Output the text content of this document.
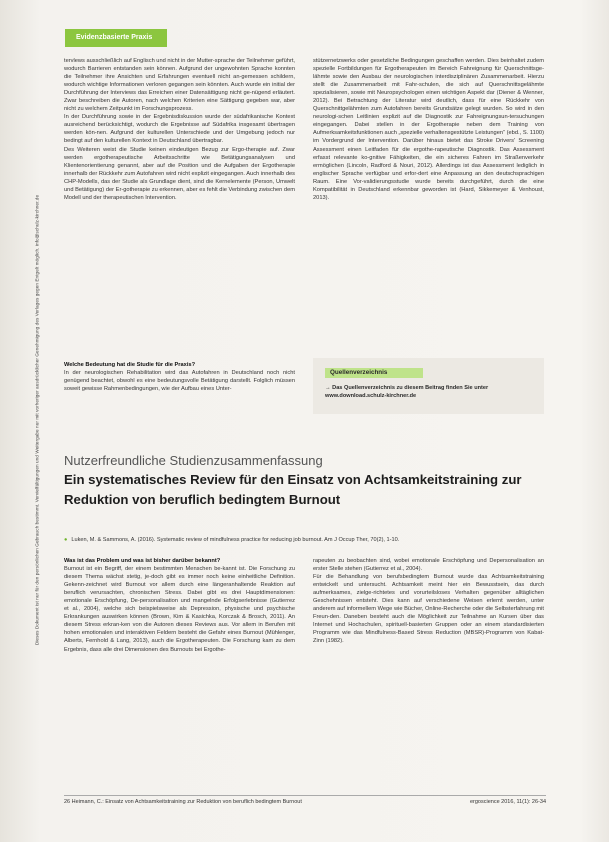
Evidenzbasierte Praxis
Dieses Dokument ist nur für den persönlichen Gebrauch bestimmt. Vervielfältigungen und Weitergabe nur mit vorheriger ausdrücklicher Genehmigung des Verlages gegen Entgelt möglich. info@schulz-kirchner.de

tervlews ausschließlich auf Englisch und nicht in der Mutter-sprache der Teilnehmer geführt, wodurch Barrieren entstanden sein können. Aufgrund der ungewohnten Sprache konnten die Teilnehmer ihre Ansichten und Erfahrungen eventuell nicht an-gemessen schildern, wodurch wichtige Informationen verloren gegangen sein könnten. Auch wurde ein initial der Durchführung der Interviews das Erreichen einer Datensättigung nicht ge-nügend erläutert. Zwar beschreiben die Autoren, nach welchen Kriterien eine Sättigung gegeben war, aber nicht zu welchem Zeitpunkt im Forschungsprozess.

In der Durchführung sowie in der Ergebnisdiskussion wurde der südafrikanische Kontext ausreichend berücksichtigt, wodurch die Ergebnisse auf Südafrika insgesamt übertragen werden kön-nen. Aufgrund der kulturellen Unterschiede und der Umgebung jedoch nur bedingt auf den kulturellen Kontext in Deutschland übertragbar.

Des Weiteren weist die Studie keinen eindeutigen Bezug zur Ergo-therapie auf. Zwar werden ergotherapeutische Arbeitsschritte wie Betätigungsanalysen und Klientenorientierung genannt, aber auf die Position und die Aufgaben der Ergotherapie innerhalb der Rückkehr zum Autofahren wird nicht explizit eingegangen. Auch innerhalb des CHP-Modells, das der Studie als Grundlage dient, sind die Kernelemente (Person, Umwelt und Betätigung) der Er-gotherapie zu erkennen, aber es fehlt die Verbindung zwischen dem Modell und der therapeutischen Intervention.

Welche Bedeutung hat die Studie für die Praxis?

In der neurologischen Rehabilitation wird das Autofahren in Deutschland noch nicht genügend beachtet, obwohl es eine bedeutungsvolle Betätigung darstellt. Folglich müssen soweit gewisse Rahmenbedingungen, wie der Aufbau eines Unter-

stützernetzwerks oder gesetzliche Bedingungen geschaffen werden. Dies beinhaltet zudem spezielle Fortbildungen für Ergotherapeuten im Bereich Fahreignung für Querschnittsge-lähmte sowie den Ausbau der neurologischen interdisziplinären Zusammenarbeit. Hierzu stellt die Zusammenarbeit mit Fahr-schulen, die sich auf Querschnittsgelähmte spezialisieren, sowie mit Neuropsychologen einen wichtigen Aspekt dar (Diener & Wenner, 2012). Bei Betrachtung der Literatur wird deutlich, dass für eine Rückkehr von Querschnittgelähmten zum Autofahren bereits Grundsätze gelegt wurden. So wird in den neurologi-schen Leitlinien explizit auf die Diagnostik zur Fahreignungsun-tersuchungen eingegangen. Dabei stellen in der Ergotherapie neben dem Training von Aufmerksamkeitsfunktionen auch „spezielle verhaltensgestützte Leistungen“ (ebd., S. 1100) im Vordergrund der Intervention. Darüber hinaus bietet das Stroke Drivers' Screening Assessment einen Leitfaden für die ergothe-rapeutische Diagnostik. Das Assessment erfasst relevante ko-gnitive Fähigkeiten, die ein sicheres Fahren im Straßenverkehr ermöglichen (Lincoln, Radford & Nouri, 2012). Allerdings ist das Assessment lediglich in englischer Sprache verfügbar und erfor-dert eine Anpassung an den deutschsprachigen Raum. Eine Vor-validierungsstudie wurde bereits durchgeführt, durch die eine Kompatibilität in Deutschland erkennbar geworden ist (Hard, Sikkemeyer & Venhoust, 2013).

Quellenverzeichnis
→ Das Quellenverzeichnis zu diesem Beitrag finden Sie unter www.download.schulz-kirchner.de
Nutzerfreundliche Studienzusammenfassung
Ein systematisches Review für den Einsatz von Achtsamkeitstraining zur Reduktion von beruflich bedingtem Burnout
● Luken, M. & Sammons, A. (2016). Systematic review of mindfulness practice for reducing job burnout. Am J Occup Ther, 70(2), 1-10.

Was ist das Problem und was ist bisher darüber bekannt?

Burnout ist ein Begriff, der einem bestimmten Menschen be-kannt ist. Die Forschung zu diesem Thema wächst stetig, je-doch gibt es immer noch keine einheitliche Definition. Gekenn-zeichnet wird Burnout vor allem durch eine längeranhaltende Reaktion auf beruflich verursachten, chronischen Stress. Dabei gibt es drei Hauptdimensionen: emotionale Erschöpfung, De-personalisation und mangelnde Erfolgserlebnisse (Gutierrez et al., 2004), welche sich beispielsweise als Depression, physische und psychische Erkrankungen auswirken können (Brown, Kim & Kasichka, Korczak & Brosch, 2011). An diesem Stress erkran-ken von die Autoren dieses Reviews aus. Vor allem in Berufen mit hohen emotionalen und interaktiven Feldern besteht die Gefahr eines Burnout (Mühlenger, Alberts, Fernhold & Lang, 2013), auch die Ergotherapeuten. Die Forschung kam zu dem Ergebnis, dass alle drei Dimensionen des Burnouts bei Ergothe-

rapeuten zu beobachten sind, wobei emotionale Erschöpfung und Depersonalisation an erster Stelle stehen (Gutierrez et al., 2004).

Für die Behandlung von berufsbedingtem Burnout wurde das Achtsamkeitstraining entwickelt und untersucht. Achtsamkeit meint hier ein Bewusstsein, das durch aufmerksames, zielge-richtetes und vorurteilsloses Verhalten gegenüber alltäglichen Geschehnissen entsteht. Dies kann auf verschiedene Weisen erlernt werden, unter anderem auf informellem Wege wie Bücher, Online-Recherche oder die Selbsterfahrung mit Freun-den. Daneben besteht auch die Möglichkeit zur Teilnahme an Kursen über das Internet und Hochschulen, spirituell-basierten Gruppen oder an einem standardisierten Programm wie das Mindfulness-Based Stress Reduction (MBSR)-Programm von Kabat-Zinn (1982).

26 Heimann, C.: Einsatz von Achtsamkeitstraining zur Reduktion von beruflich bedingtem Burnout	ergoscience 2016, 11(1): 26-34
